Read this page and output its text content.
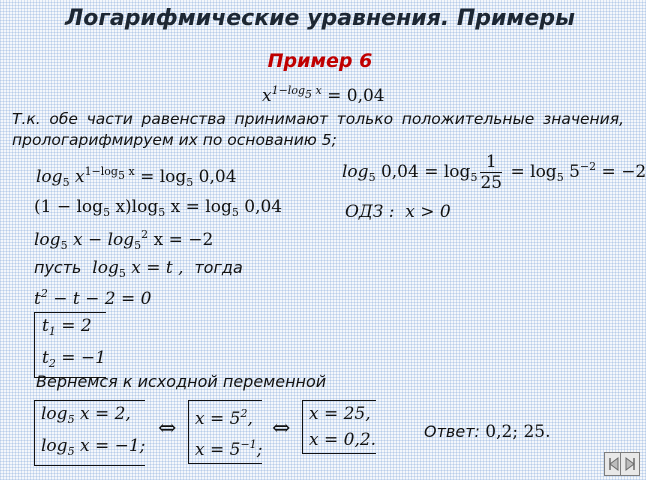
Логарифмические уравнения. Примеры
Пример 6
$x^{1-log_5 x} = 0,04$
Т.к. обе части равенства принимают только положительные значения, прологарифмируем их по основанию 5;
$\log_5 x^{1-log_5 x} = \log_5 0,04$	$\log_5 0,04 = \log_5 \frac{1}{25} = \log_5 5^{-2} = -2$
ОДЗ : x > 0
$(1 - \log_5 x)\log_5$ $x = \log_5 0,04$
$\log_5 x - \log_5^2 x = -2$
пусть $\log_5 x = t$ , тогда
$t^2 - t - 2 = 0$
$t_1 = 2$
$t_2 = -1$
Вернемся к исходной переменной
$\log_5 x = 2$,
$\log_5 x = -1$;
⇔ $x = 5^2$,
$x = 5^{-1}$;
⇔
x = 25,
x = 0,2.	Ответ: 0,2; 25.
